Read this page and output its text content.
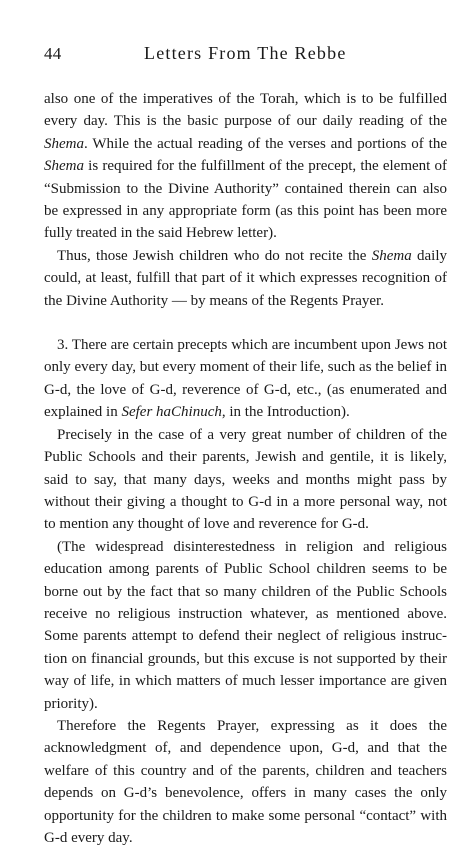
44	Letters From The Rebbe

also one of the imperatives of the Torah, which is to be fulfilled every day. This is the basic purpose of our daily reading of the Shema. While the actual reading of the verses and portions of the Shema is required for the fulfillment of the precept, the element of “Submission to the Divine Authority” contained therein can also be expressed in any appropriate form (as this point has been more fully treated in the said Hebrew letter).

Thus, those Jewish children who do not recite the Shema daily could, at least, fulfill that part of it which expresses recognition of the Divine Authority — by means of the Regents Prayer.

3. There are certain precepts which are incumbent upon Jews not only every day, but every moment of their life, such as the belief in G-d, the love of G-d, reverence of G-d, etc., (as enumerated and explained in Sefer haChinuch, in the Introduction).

Precisely in the case of a very great number of children of the Public Schools and their parents, Jewish and gentile, it is likely, said to say, that many days, weeks and months might pass by without their giving a thought to G-d in a more personal way, not to mention any thought of love and reverence for G-d.

(The widespread disinterestedness in religion and religious education among parents of Public School children seems to be borne out by the fact that so many children of the Public Schools receive no religious instruction whatever, as mentioned above. Some parents attempt to defend their neglect of religious instruction on financial grounds, but this excuse is not supported by their way of life, in which matters of much lesser importance are given priority).

Therefore the Regents Prayer, expressing as it does the acknowledgment of, and dependence upon, G-d, and that the welfare of this country and of the parents, children and teachers depends on G-d’s benevolence, offers in many cases the only opportunity for the children to make some personal “contact” with G-d every day.
